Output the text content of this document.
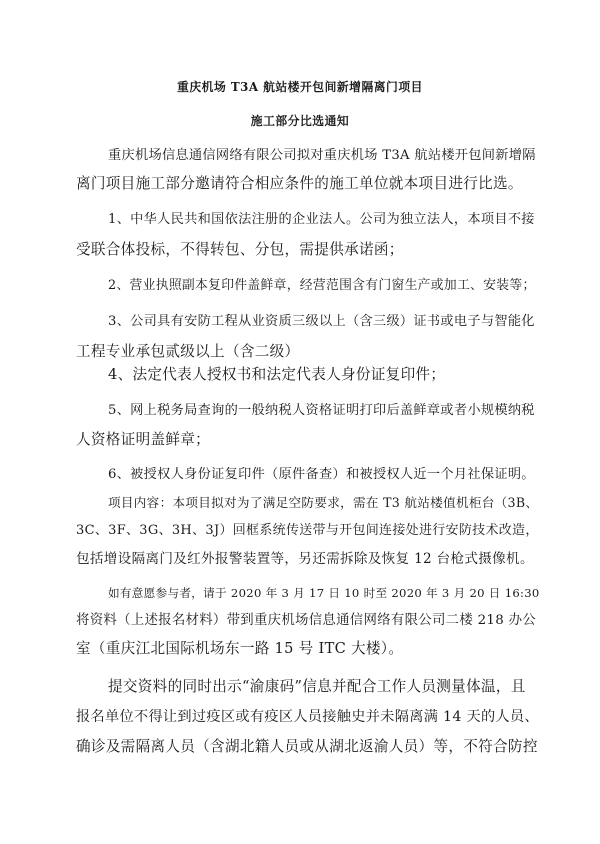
重庆机场 T3A 航站楼开包间新增隔离门项目
施工部分比选通知
重庆机场信息通信网络有限公司拟对重庆机场 T3A 航站楼开包间新增隔
离门项目施工部分邀请符合相应条件的施工单位就本项目进行比选。
1、中华人民共和国依法注册的企业法人。公司为独立法人，本项目不接
受联合体投标，不得转包、分包，需提供承诺函；
2、营业执照副本复印件盖鲜章，经营范围含有门窗生产或加工、安装等；
3、公司具有安防工程从业资质三级以上（含三级）证书或电子与智能化
工程专业承包贰级以上（含二级）
4、法定代表人授权书和法定代表人身份证复印件；
5、网上税务局查询的一般纳税人资格证明打印后盖鲜章或者小规模纳税
人资格证明盖鲜章；
6、被授权人身份证复印件（原件备查）和被授权人近一个月社保证明。
项目内容：本项目拟对为了满足空防要求，需在 T3 航站楼值机柜台（3B、
3C、3F、3G、3H、3J）回框系统传送带与开包间连接处进行安防技术改造，
包括增设隔离门及红外报警装置等，另还需拆除及恢复 12 台枪式摄像机。
如有意愿参与者，请于 2020 年 3 月 17 日 10 时至 2020 年 3 月 20 日 16:30
将资料（上述报名材料）带到重庆机场信息通信网络有限公司二楼 218 办公
室（重庆江北国际机场东一路 15 号 ITC 大楼）。
提交资料的同时出示“渝康码”信息并配合工作人员测量体温，且
报名单位不得让到过疫区或有疫区人员接触史并未隔离满 14 天的人员、
确诊及需隔离人员（含湖北籍人员或从湖北返渝人员）等，不符合防控
